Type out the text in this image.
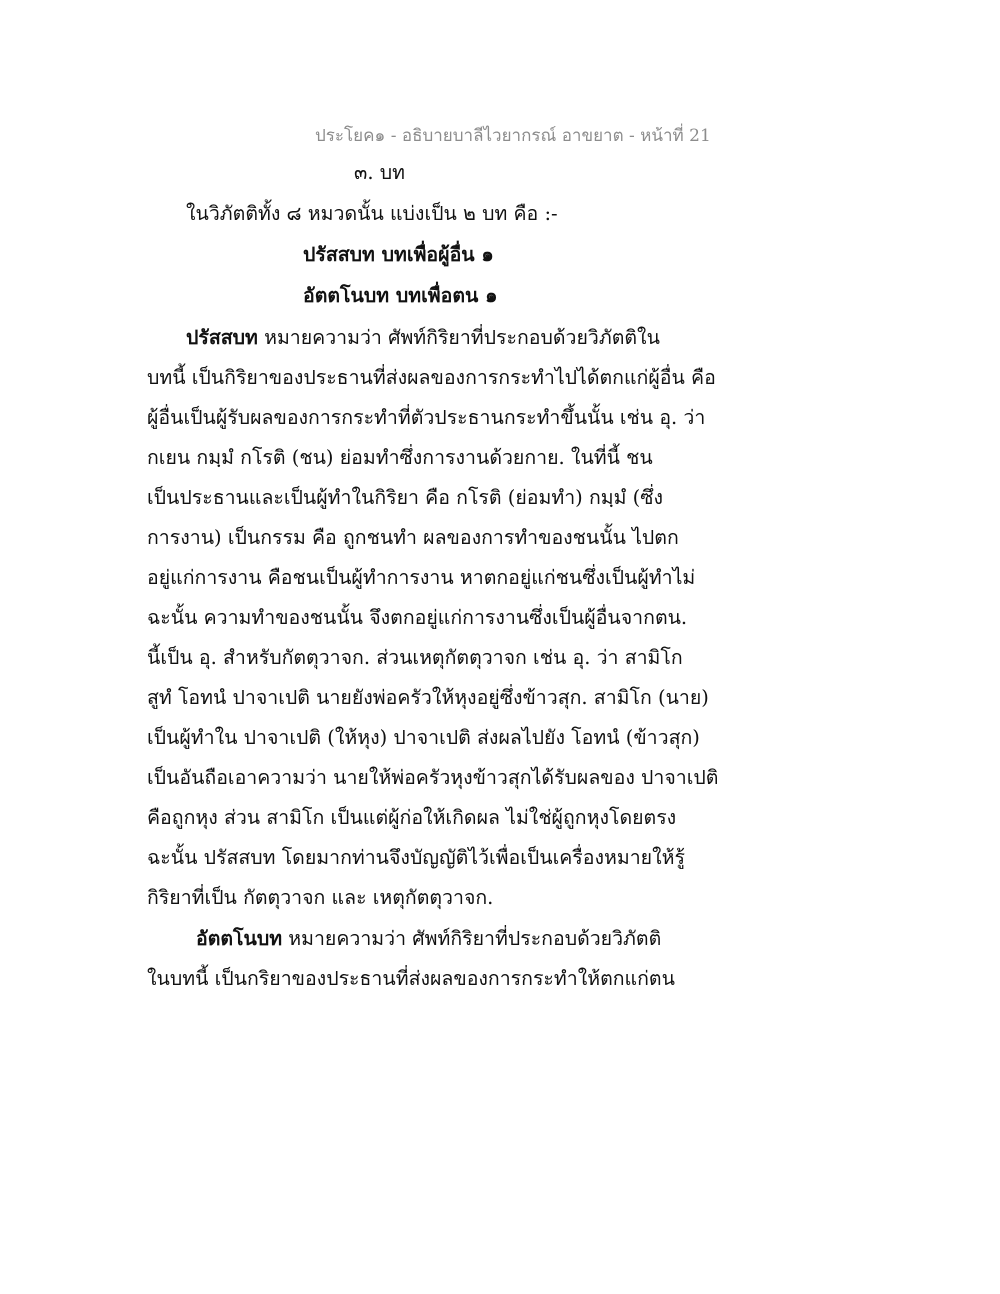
ประโยค๑ - อธิบายบาลีไวยากรณ์ อาขยาต - หน้าที่ 21
๓. บท
ในวิภัตติทั้ง ๘ หมวดนั้น แบ่งเป็น ๒ บท คือ :-
ปรัสสบท บทเพื่อผู้อื่น ๑
อัตตโนบท บทเพื่อตน ๑
ปรัสสบท หมายความว่า ศัพท์กิริยาที่ประกอบด้วยวิภัตติใน
บทนี้ เป็นกิริยาของประธานที่ส่งผลของการกระทำไปได้ตกแก่ผู้อื่น คือ
ผู้อื่นเป็นผู้รับผลของการกระทำที่ตัวประธานกระทำขึ้นนั้น เช่น อุ. ว่า
กเยน กมฺมํ กโรติ (ชน) ย่อมทำซึ่งการงานด้วยกาย. ในที่นี้ ชน
เป็นประธานและเป็นผู้ทำในกิริยา คือ กโรติ (ย่อมทำ) กมฺมํ (ซึ่ง
การงาน) เป็นกรรม คือ ถูกชนทำ ผลของการทำของชนนั้น ไปตก
อยู่แก่การงาน คือชนเป็นผู้ทำการงาน หาตกอยู่แก่ชนซึ่งเป็นผู้ทำไม่
ฉะนั้น ความทำของชนนั้น จึงตกอยู่แก่การงานซึ่งเป็นผู้อื่นจากตน.
นี้เป็น อุ. สำหรับกัตตุวาจก. ส่วนเหตุกัตตุวาจก เช่น อุ. ว่า สามิโก
สูทํ โอทนํ ปาจาเปติ นายยังพ่อครัวให้หุงอยู่ซึ่งข้าวสุก. สามิโก (นาย)
เป็นผู้ทำใน ปาจาเปติ (ให้หุง) ปาจาเปติ ส่งผลไปยัง โอทนํ (ข้าวสุก)
เป็นอันถือเอาความว่า นายให้พ่อครัวหุงข้าวสุกได้รับผลของ ปาจาเปติ
คือถูกหุง ส่วน สามิโก เป็นแต่ผู้ก่อให้เกิดผล ไม่ใช่ผู้ถูกหุงโดยตรง
ฉะนั้น ปรัสสบท โดยมากท่านจึงบัญญัติไว้เพื่อเป็นเครื่องหมายให้รู้
กิริยาที่เป็น กัตตุวาจก และ เหตุกัตตุวาจก.
อัตตโนบท หมายความว่า ศัพท์กิริยาที่ประกอบด้วยวิภัตติ
ในบทนี้ เป็นกริยาของประธานที่ส่งผลของการกระทำให้ตกแก่ตน
